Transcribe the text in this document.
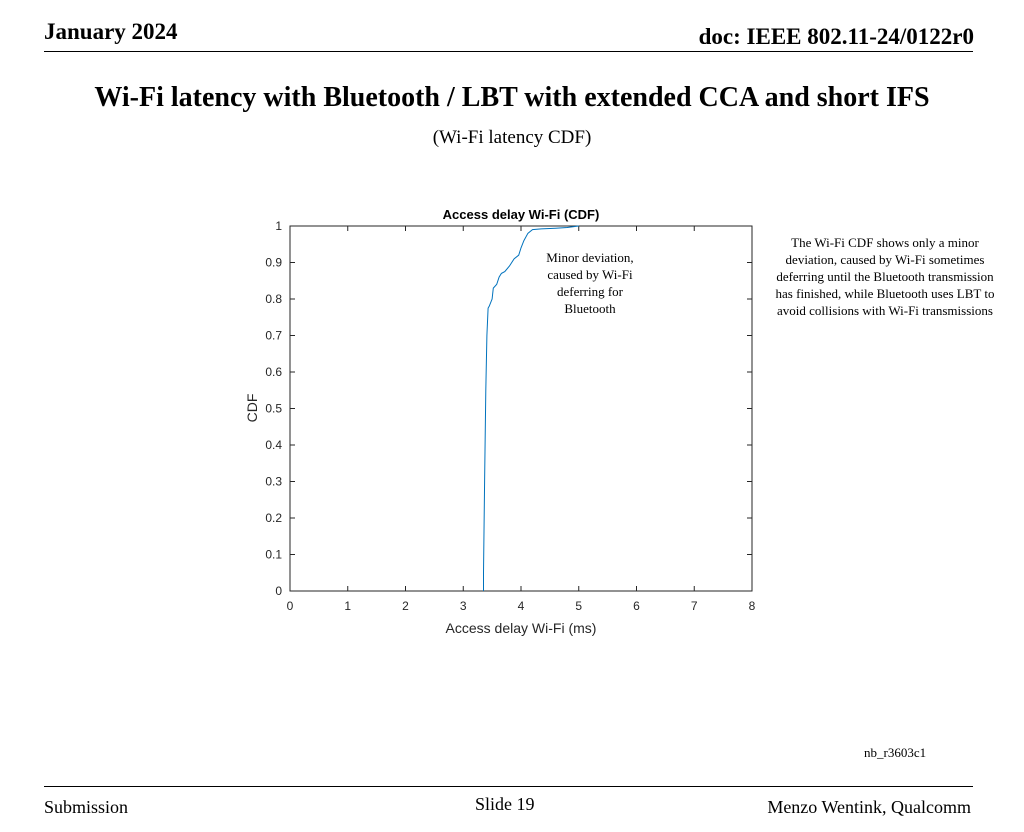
January 2024	doc: IEEE 802.11-24/0122r0
Wi-Fi latency with Bluetooth / LBT with extended CCA and short IFS
(Wi-Fi latency CDF)
Access delay Wi-Fi (CDF)
0	1	2	3	4	5	6	7	8
0
0.1
0.2
0.3
0.4
0.5
0.6
0.7
0.8
0.9
1
Access delay Wi-Fi (ms)
CDF
Minor deviation,
caused by Wi-Fi
deferring for
Bluetooth
The Wi-Fi CDF shows only a minor deviation, caused by Wi-Fi sometimes deferring until the Bluetooth transmission has finished, while Bluetooth uses LBT to avoid collisions with Wi-Fi transmissions
nb_r3603c1
Submission	Slide 19	Menzo Wentink, Qualcomm
